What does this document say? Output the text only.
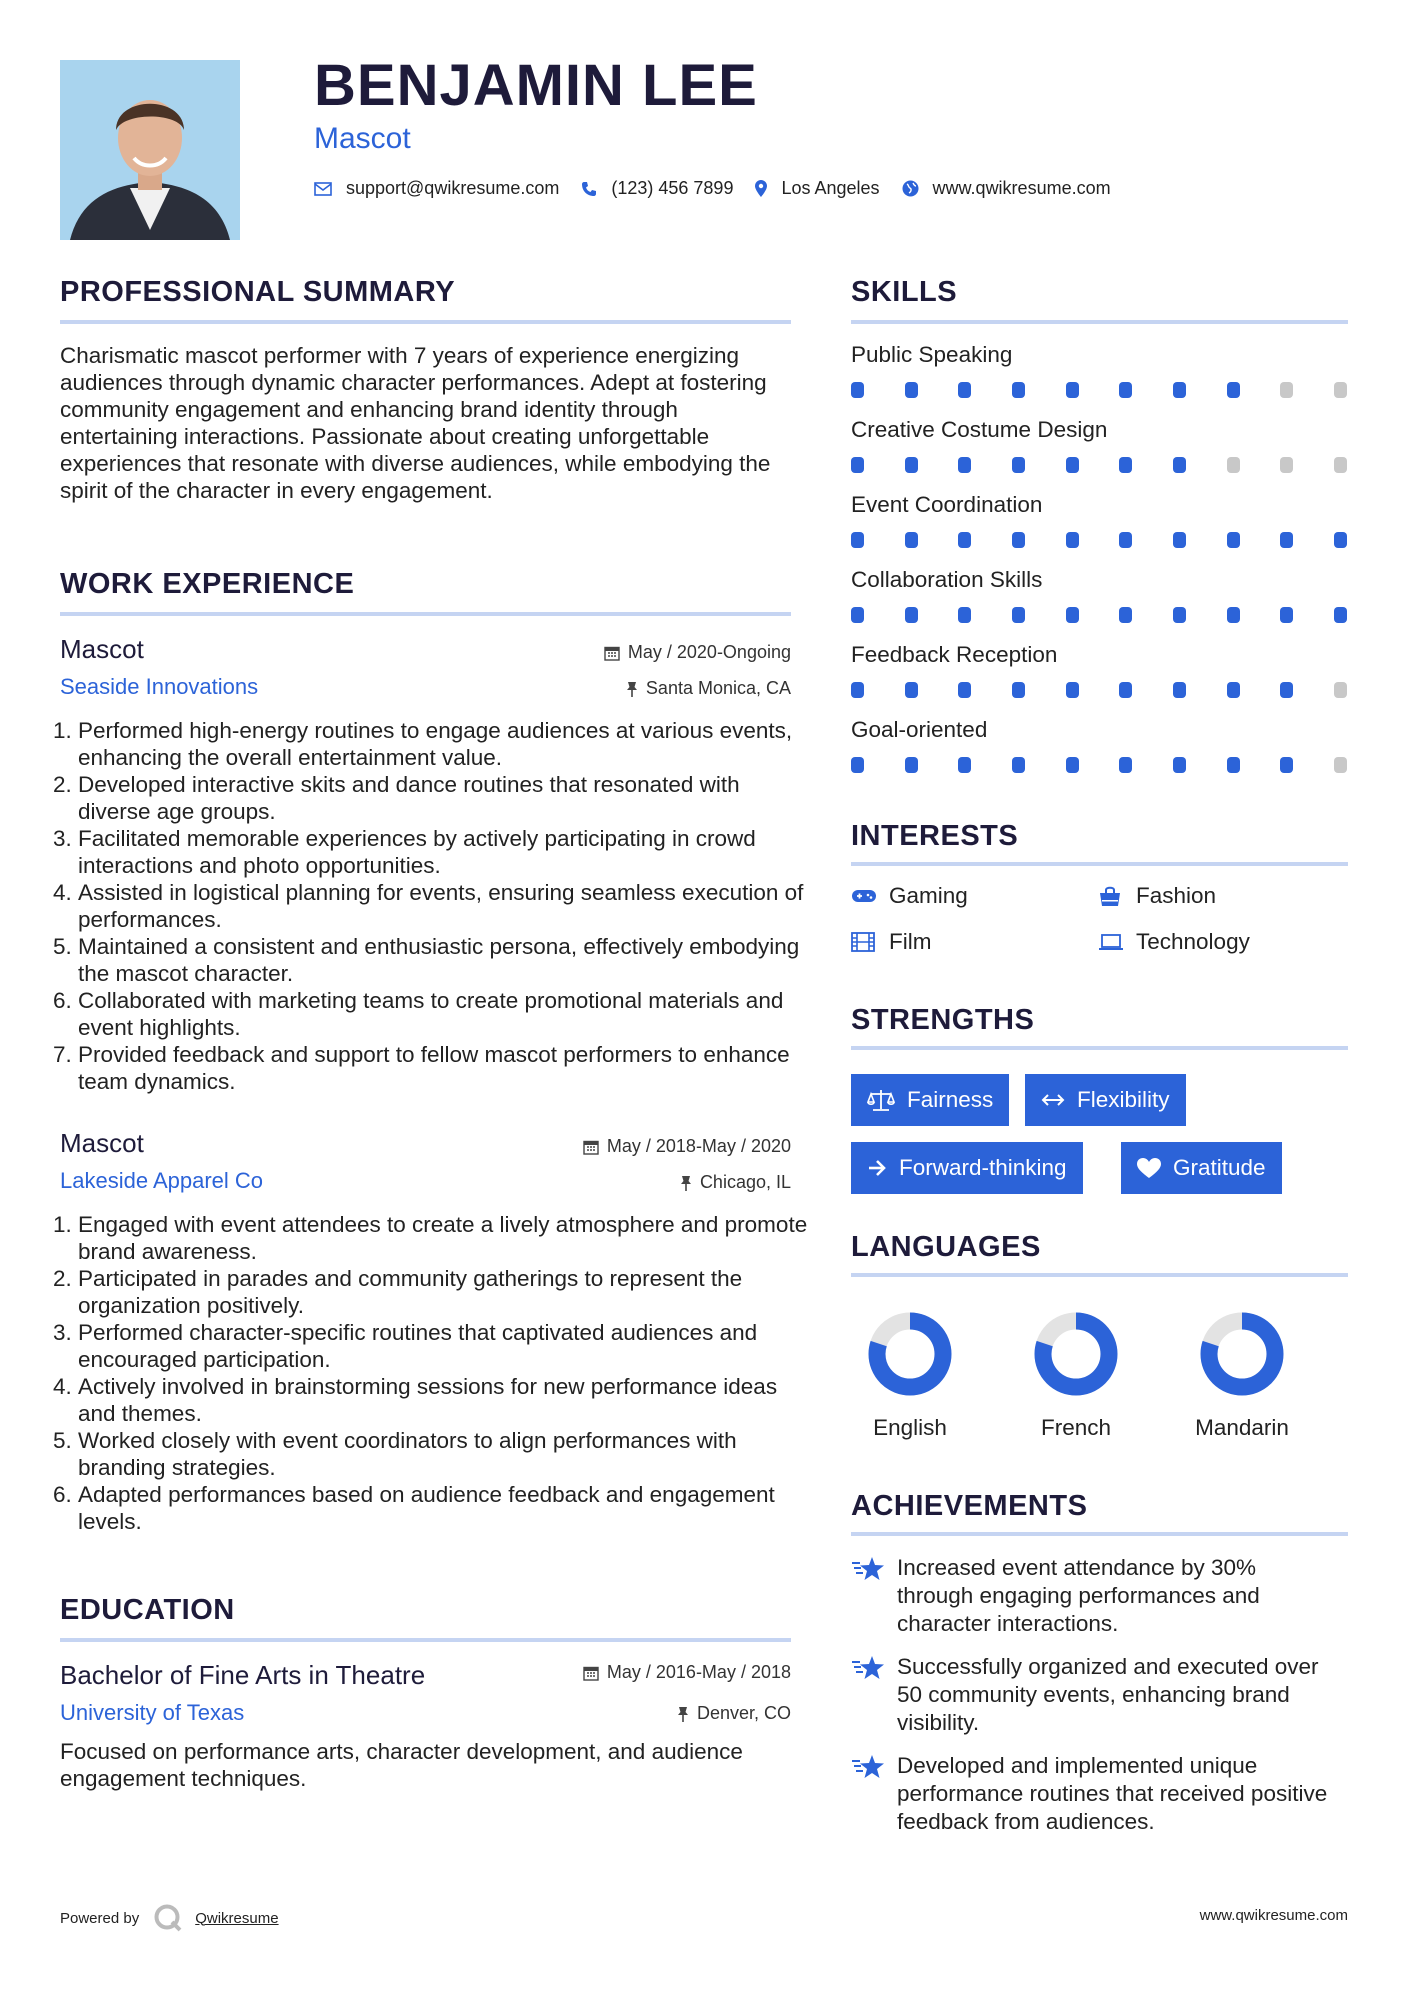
BENJAMIN LEE
Mascot
support@qwikresume.com	(123) 456 7899	Los Angeles	www.qwikresume.com
PROFESSIONAL SUMMARY
Charismatic mascot performer with 7 years of experience energizing audiences through dynamic character performances. Adept at fostering community engagement and enhancing brand identity through entertaining interactions. Passionate about creating unforgettable experiences that resonate with diverse audiences, while embodying the spirit of the character in every engagement.
WORK EXPERIENCE
Mascot	May / 2020-Ongoing
Seaside Innovations	Santa Monica, CA
1. Performed high-energy routines to engage audiences at various events, enhancing the overall entertainment value.
2. Developed interactive skits and dance routines that resonated with diverse age groups.
3. Facilitated memorable experiences by actively participating in crowd interactions and photo opportunities.
4. Assisted in logistical planning for events, ensuring seamless execution of performances.
5. Maintained a consistent and enthusiastic persona, effectively embodying the mascot character.
6. Collaborated with marketing teams to create promotional materials and event highlights.
7. Provided feedback and support to fellow mascot performers to enhance team dynamics.
Mascot	May / 2018-May / 2020
Lakeside Apparel Co	Chicago, IL
1. Engaged with event attendees to create a lively atmosphere and promote brand awareness.
2. Participated in parades and community gatherings to represent the organization positively.
3. Performed character-specific routines that captivated audiences and encouraged participation.
4. Actively involved in brainstorming sessions for new performance ideas and themes.
5. Worked closely with event coordinators to align performances with branding strategies.
6. Adapted performances based on audience feedback and engagement levels.
EDUCATION
Bachelor of Fine Arts in Theatre	May / 2016-May / 2018
University of Texas	Denver, CO
Focused on performance arts, character development, and audience engagement techniques.
SKILLS
Public Speaking
Creative Costume Design
Event Coordination
Collaboration Skills
Feedback Reception
Goal-oriented
INTERESTS
Gaming	Fashion
Film	Technology
STRENGTHS
Fairness	Flexibility
Forward-thinking	Gratitude
LANGUAGES
English	French	Mandarin
ACHIEVEMENTS
Increased event attendance by 30% through engaging performances and character interactions.
Successfully organized and executed over 50 community events, enhancing brand visibility.
Developed and implemented unique performance routines that received positive feedback from audiences.
Powered by	Qwikresume	www.qwikresume.com
